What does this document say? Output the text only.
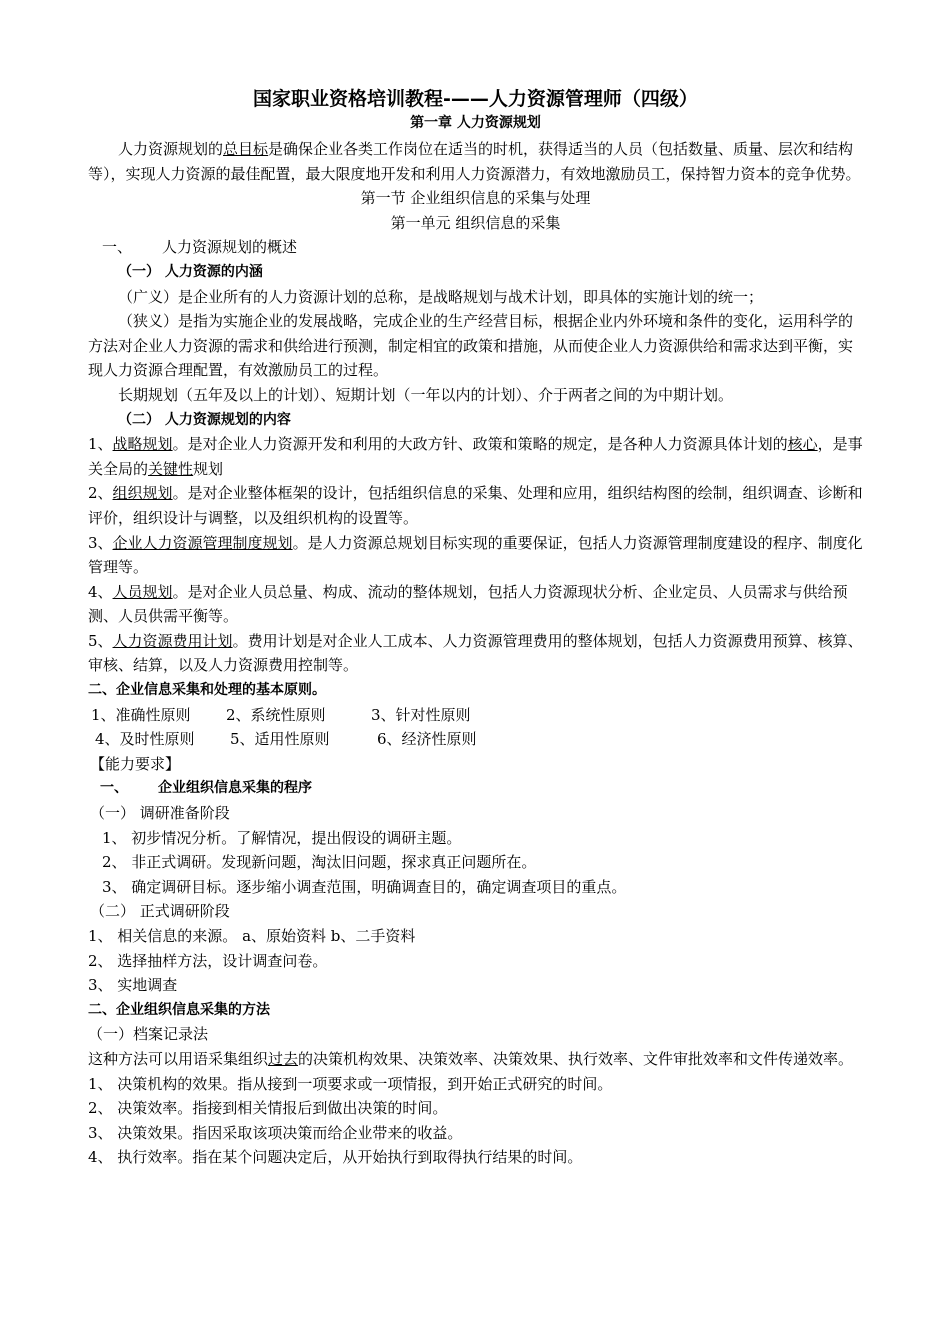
国家职业资格培训教程-——人力资源管理师（四级）

第一章 人力资源规划

人力资源规划的总目标是确保企业各类工作岗位在适当的时机，获得适当的人员（包括数量、质量、层次和结构等），实现人力资源的最佳配置，最大限度地开发和利用人力资源潜力，有效地激励员工，保持智力资本的竞争优势。

第一节 企业组织信息的采集与处理

第一单元 组织信息的采集

一、 人力资源规划的概述

（一） 人力资源的内涵

（广义）是企业所有的人力资源计划的总称，是战略规划与战术计划，即具体的实施计划的统一；

（狭义）是指为实施企业的发展战略，完成企业的生产经营目标，根据企业内外环境和条件的变化，运用科学的方法对企业人力资源的需求和供给进行预测，制定相宜的政策和措施，从而使企业人力资源供给和需求达到平衡，实现人力资源合理配置，有效激励员工的过程。

长期规划（五年及以上的计划）、短期计划（一年以内的计划）、介于两者之间的为中期计划。

（二） 人力资源规划的内容

1、战略规划。是对企业人力资源开发和利用的大政方针、政策和策略的规定，是各种人力资源具体计划的核心，是事关全局的关键性规划

2、组织规划。是对企业整体框架的设计，包括组织信息的采集、处理和应用，组织结构图的绘制，组织调查、诊断和评价，组织设计与调整，以及组织机构的设置等。

3、企业人力资源管理制度规划。是人力资源总规划目标实现的重要保证，包括人力资源管理制度建设的程序、制度化管理等。

4、人员规划。是对企业人员总量、构成、流动的整体规划，包括人力资源现状分析、企业定员、人员需求与供给预测、人员供需平衡等。

5、人力资源费用计划。费用计划是对企业人工成本、人力资源管理费用的整体规划，包括人力资源费用预算、核算、审核、结算，以及人力资源费用控制等。

二、企业信息采集和处理的基本原则。

1、准确性原则 2、系统性原则	3、针对性原则

4、及时性原则 5、适用性原则	6、经济性原则

【能力要求】

一、 企业组织信息采集的程序

（一） 调研准备阶段

1、 初步情况分析。了解情况，提出假设的调研主题。

2、 非正式调研。发现新问题，淘汰旧问题，探求真正问题所在。

3、 确定调研目标。逐步缩小调查范围，明确调查目的，确定调查项目的重点。

（二） 正式调研阶段

1、 相关信息的来源。 a、原始资料 b、二手资料

2、 选择抽样方法，设计调查问卷。

3、 实地调查

二、企业组织信息采集的方法

（一）档案记录法

这种方法可以用语采集组织过去的决策机构效果、决策效率、决策效果、执行效率、文件审批效率和文件传递效率。

1、 决策机构的效果。指从接到一项要求或一项情报，到开始正式研究的时间。

2、 决策效率。指接到相关情报后到做出决策的时间。

3、 决策效果。指因采取该项决策而给企业带来的收益。

4、 执行效率。指在某个问题决定后，从开始执行到取得执行结果的时间。
